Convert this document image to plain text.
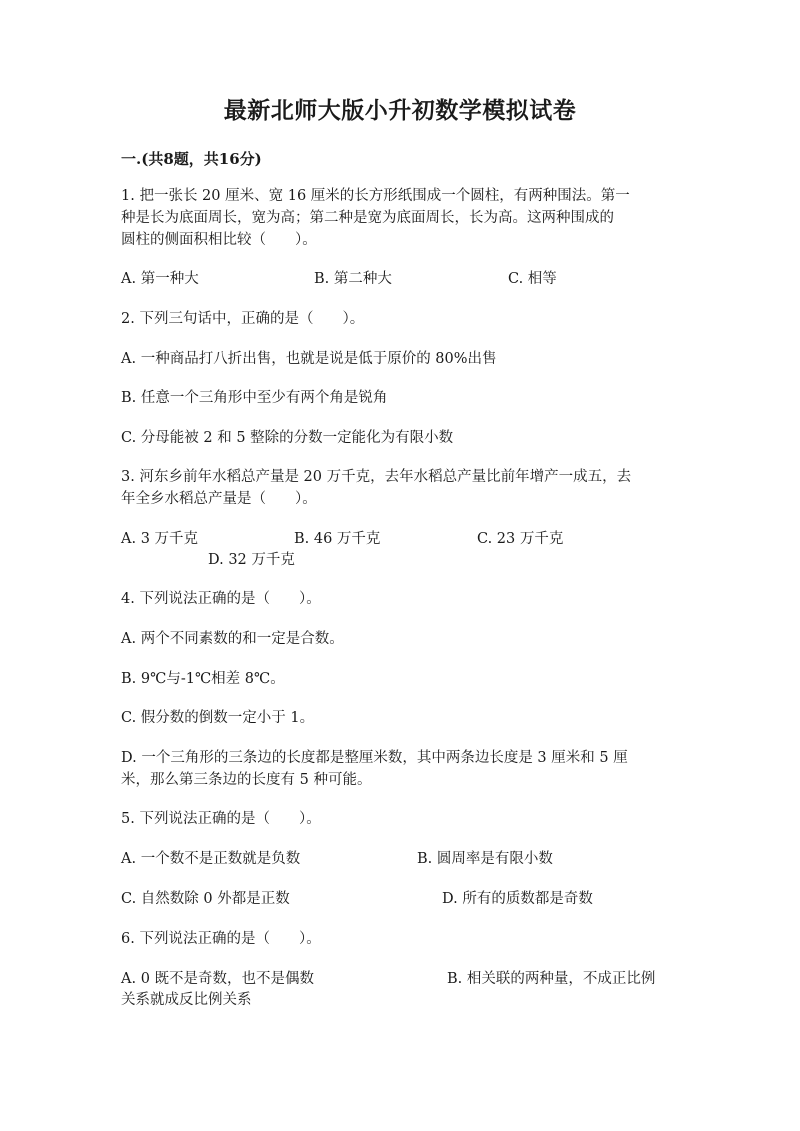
最新北师大版小升初数学模拟试卷
一.(共8题，共16分)
1. 把一张长 20 厘米、宽 16 厘米的长方形纸围成一个圆柱，有两种围法。第一
种是长为底面周长，宽为高；第二种是宽为底面周长，长为高。这两种围成的
圆柱的侧面积相比较（　　）。
A. 第一种大	B. 第二种大	C. 相等
2. 下列三句话中，正确的是（　　）。
A. 一种商品打八折出售，也就是说是低于原价的 80%出售
B. 任意一个三角形中至少有两个角是锐角
C. 分母能被 2 和 5 整除的分数一定能化为有限小数
3. 河东乡前年水稻总产量是 20 万千克，去年水稻总产量比前年增产一成五，去
年全乡水稻总产量是（　　）。
A. 3 万千克	B. 46 万千克	C. 23 万千克
D. 32 万千克
4. 下列说法正确的是（　　）。
A. 两个不同素数的和一定是合数。
B. 9℃与-1℃相差 8℃。
C. 假分数的倒数一定小于 1。
D. 一个三角形的三条边的长度都是整厘米数，其中两条边长度是 3 厘米和 5 厘
米，那么第三条边的长度有 5 种可能。
5. 下列说法正确的是（　　）。
A. 一个数不是正数就是负数	B. 圆周率是有限小数
C. 自然数除 0 外都是正数	D. 所有的质数都是奇数
6. 下列说法正确的是（　　）。
A. 0 既不是奇数，也不是偶数	B. 相关联的两种量，不成正比例
关系就成反比例关系
